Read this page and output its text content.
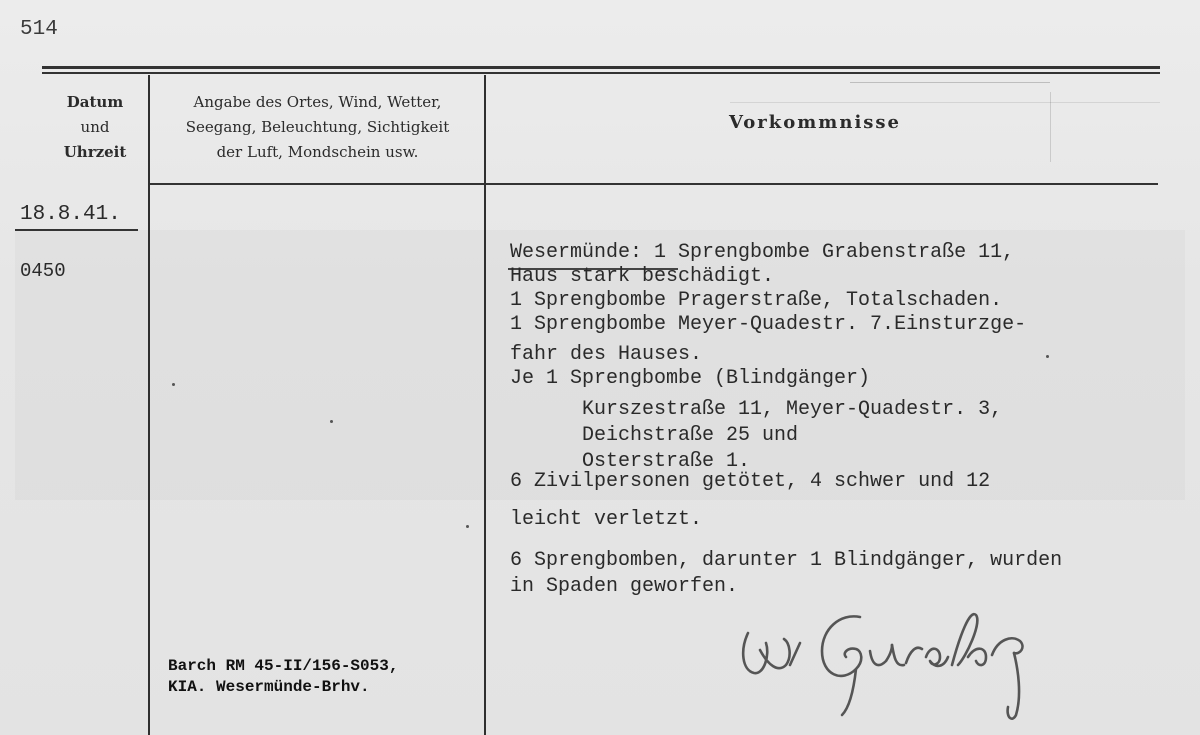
514
Datum
und
Uhrzeit
Angabe des Ortes, Wind, Wetter,
Seegang, Beleuchtung, Sichtigkeit
der Luft, Mondschein usw.
Vorkommnisse
18.8.41.
0450
Wesermünde: 1 Sprengbombe Grabenstraße 11,
Haus stark beschädigt.
1 Sprengbombe Pragerstraße, Totalschaden.
1 Sprengbombe Meyer-Quadestr. 7.Einsturzge-
fahr des Hauses.
Je 1 Sprengbombe (Blindgänger)
Kurszestraße 11, Meyer-Quadestr. 3,
Deichstraße 25 und
Osterstraße 1.
6 Zivilpersonen getötet, 4 schwer und 12
leicht verletzt.
6 Sprengbomben, darunter 1 Blindgänger, wurden
in Spaden geworfen.
Barch RM 45-II/156-S053,
KIA. Wesermünde-Brhv.
